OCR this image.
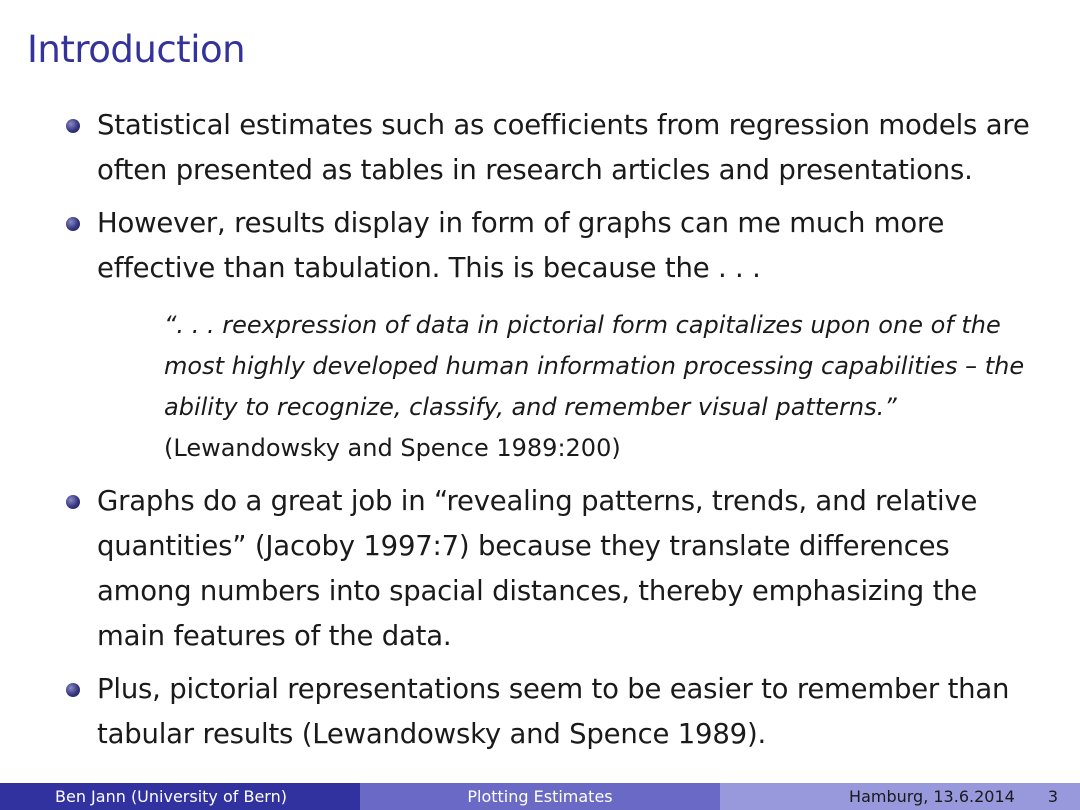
Introduction
Statistical estimates such as coefficients from regression models are often presented as tables in research articles and presentations.
However, results display in form of graphs can me much more effective than tabulation. This is because the . . .
“. . . reexpression of data in pictorial form capitalizes upon one of the most highly developed human information processing capabilities – the ability to recognize, classify, and remember visual patterns.”
(Lewandowsky and Spence 1989:200)
Graphs do a great job in “revealing patterns, trends, and relative quantities” (Jacoby 1997:7) because they translate differences among numbers into spacial distances, thereby emphasizing the main features of the data.
Plus, pictorial representations seem to be easier to remember than tabular results (Lewandowsky and Spence 1989).
Ben Jann (University of Bern)	Plotting Estimates	Hamburg, 13.6.2014 3
